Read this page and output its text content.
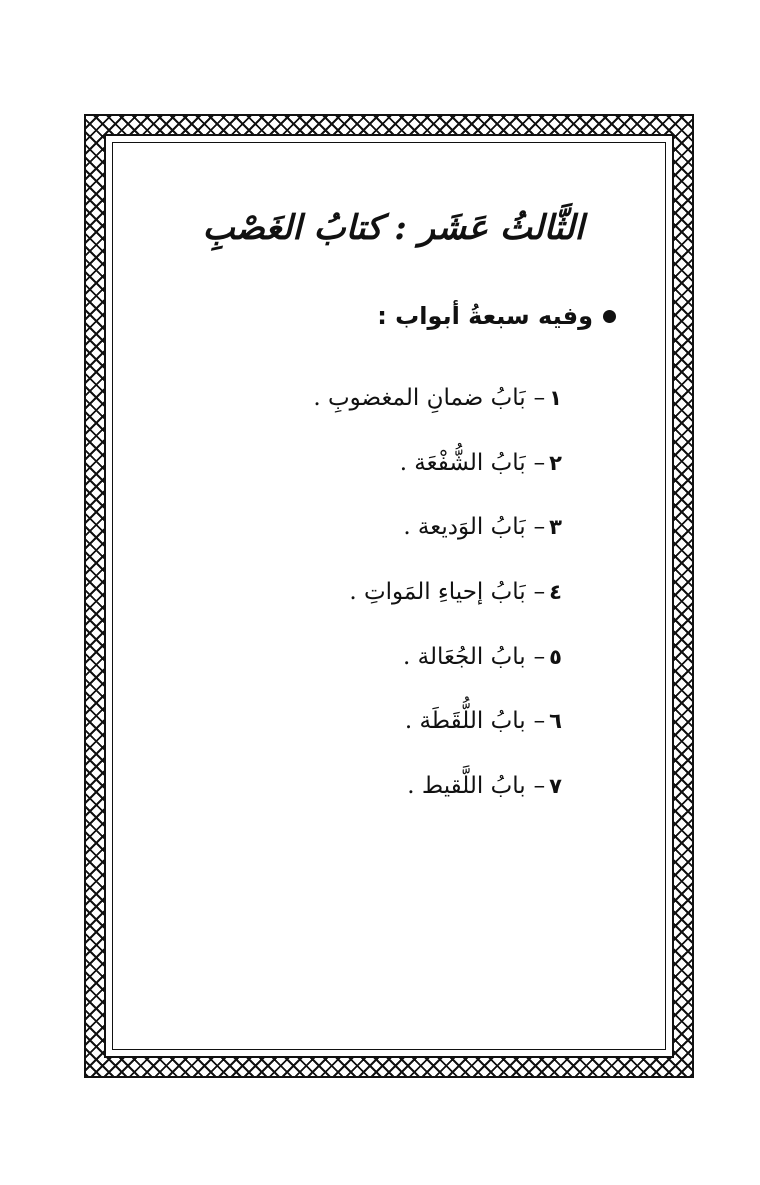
الثَّالثُ عَشَر : كتابُ الغَصْبِ
وفيه سبعةُ أبواب :
١
–
بَابُ ضمانِ المغضوبِ .
٢
–
بَابُ الشُّفْعَة .
٣
–
بَابُ الوَديعة .
٤
–
بَابُ إحياءِ المَواتِ .
٥
–
بابُ الجُعَالة .
٦
–
بابُ اللُّقَطَة .
٧
–
بابُ اللَّقيط .
